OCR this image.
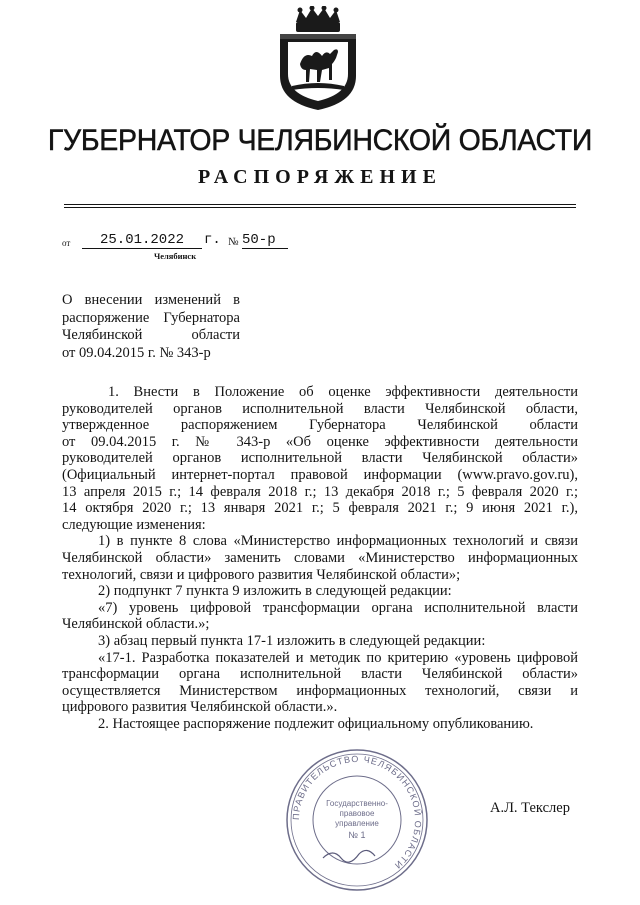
ГУБЕРНАТОР ЧЕЛЯБИНСКОЙ ОБЛАСТИ
РАСПОРЯЖЕНИЕ
от	25.01.2022	г. № 50-р
Челябинск
О внесении изменений в
распоряжение Губернатора
Челябинской области
от 09.04.2015 г. № 343-р
1. Внести в Положение об оценке эффективности деятельности
руководителей органов исполнительной власти Челябинской области,
утвержденное распоряжением Губернатора Челябинской области
от 09.04.2015 г. № 343-р «Об оценке эффективности деятельности
руководителей органов исполнительной власти Челябинской области»
(Официальный интернет-портал правовой информации (www.pravo.gov.ru),
13 апреля 2015 г.; 14 февраля 2018 г.; 13 декабря 2018 г.; 5 февраля 2020 г.;
14 октября 2020 г.; 13 января 2021 г.; 5 февраля 2021 г.; 9 июня 2021 г.),
следующие изменения:
1) в пункте 8 слова «Министерство информационных технологий и связи
Челябинской области» заменить словами «Министерство информационных
технологий, связи и цифрового развития Челябинской области»;
2) подпункт 7 пункта 9 изложить в следующей редакции:
«7) уровень цифровой трансформации органа исполнительной власти
Челябинской области.»;
3) абзац первый пункта 17-1 изложить в следующей редакции:
«17-1. Разработка показателей и методик по критерию «уровень цифровой
трансформации органа исполнительной власти Челябинской области»
осуществляется Министерством информационных технологий, связи и
цифрового развития Челябинской области.».
2. Настоящее распоряжение подлежит официальному опубликованию.
ПРАВИТЕЛЬСТВО ЧЕЛЯБИНСКОЙ ОБЛАСТИ
Государственно-
правовое
управление
№ 1
А.Л. Текслер
